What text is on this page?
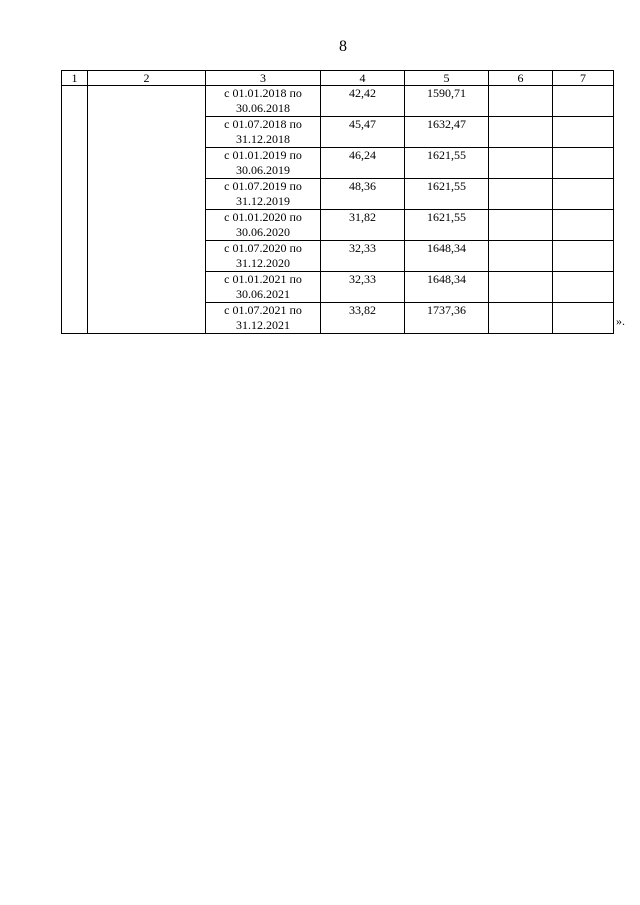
8
1	2	3	4	5	6	7
		с 01.01.2018 по
30.06.2018	42,42	1590,71		
		с 01.07.2018 по
31.12.2018	45,47	1632,47		
		с 01.01.2019 по
30.06.2019	46,24	1621,55		
		с 01.07.2019 по
31.12.2019	48,36	1621,55		
		с 01.01.2020 по
30.06.2020	31,82	1621,55		
		с 01.07.2020 по
31.12.2020	32,33	1648,34		
		с 01.01.2021 по
30.06.2021	32,33	1648,34		
		с 01.07.2021 по
31.12.2021	33,82	1737,36		
».
